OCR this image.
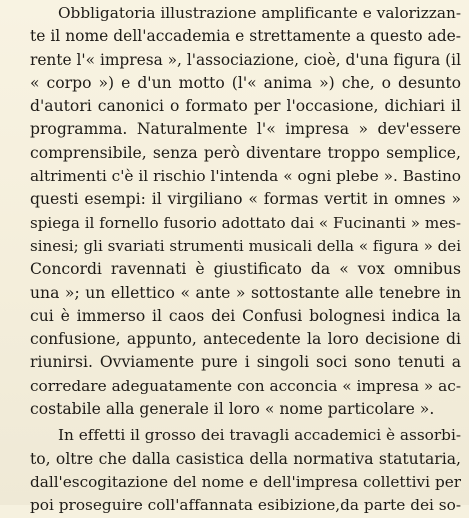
Obbligatoria illustrazione amplificante e valorizzan-
te il nome dell'accademia e strettamente a questo ade-
rente l'« impresa », l'associazione, cioè, d'una figura (il
« corpo ») e d'un motto (l'« anima ») che, o desunto
d'autori canonici o formato per l'occasione, dichiari il
programma. Naturalmente l'« impresa » dev'essere
comprensibile, senza però diventare troppo semplice,
altrimenti c'è il rischio l'intenda « ogni plebe ». Bastino
questi esempi: il virgiliano « formas vertit in omnes »
spiega il fornello fusorio adottato dai « Fucinanti » mes-
sinesi; gli svariati strumenti musicali della « figura » dei
Concordi ravennati è giustificato da « vox omnibus
una »; un ellettico « ante » sottostante alle tenebre in
cui è immerso il caos dei Confusi bolognesi indica la
confusione, appunto, antecedente la loro decisione di
riunirsi. Ovviamente pure i singoli soci sono tenuti a
corredare adeguatamente con acconcia « impresa » ac-
costabile alla generale il loro « nome particolare ».
In effetti il grosso dei travagli accademici è assorbi-
to, oltre che dalla casistica della normativa statutaria,
dall'escogitazione del nome e dell'impresa collettivi per
poi proseguire coll'affannata esibizione,da parte dei so-
